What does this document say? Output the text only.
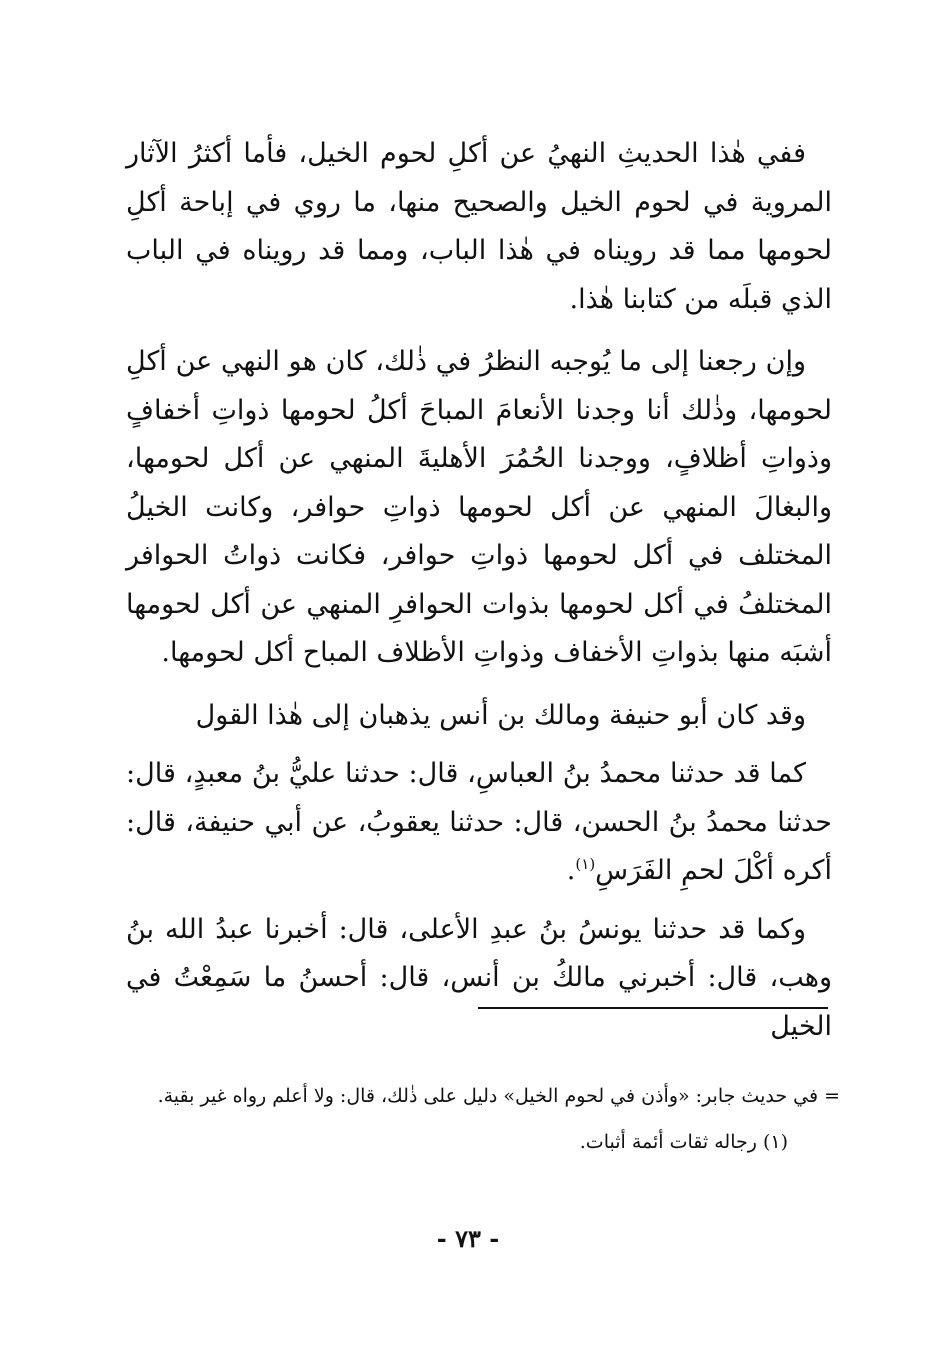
ففي هٰذا الحديثِ النهيُ عن أكلِ لحوم الخيل، فأما أكثرُ الآثار المروية في لحوم الخيل والصحيح منها، ما روي في إباحة أكلِ لحومها مما قد رويناه في هٰذا الباب، ومما قد رويناه في الباب الذي قبلَه من كتابنا هٰذا.

وإن رجعنا إلى ما يُوجبه النظرُ في ذٰلك، كان هو النهي عن أكلِ لحومها، وذٰلك أنا وجدنا الأنعامَ المباحَ أكلُ لحومها ذواتِ أخفافٍ وذواتِ أظلافٍ، ووجدنا الحُمُرَ الأهليةَ المنهي عن أكل لحومها، والبغالَ المنهي عن أكل لحومها ذواتِ حوافر، وكانت الخيلُ المختلف في أكل لحومها ذواتِ حوافر، فكانت ذواتُ الحوافر المختلفُ في أكل لحومها بذوات الحوافرِ المنهي عن أكل لحومها أشبَه منها بذواتِ الأخفاف وذواتِ الأظلاف المباح أكل لحومها.

وقد كان أبو حنيفة ومالك بن أنس يذهبان إلى هٰذا القول

كما قد حدثنا محمدُ بنُ العباسِ، قال: حدثنا عليُّ بنُ معبدٍ، قال: حدثنا محمدُ بنُ الحسن، قال: حدثنا يعقوبُ، عن أبي حنيفة، قال: أكره أكْلَ لحمِ الفَرَسِ$^{(١)}$.

وكما قد حدثنا يونسُ بنُ عبدِ الأعلى، قال: أخبرنا عبدُ الله بنُ وهب، قال: أخبرني مالكُ بن أنس، قال: أحسنُ ما سَمِعْتُ في الخيل

= في حديث جابر: «وأذن في لحوم الخيل» دليل على ذٰلك، قال: ولا أعلم رواه غير بقية.

(١) رجاله ثقات أئمة أثبات.

- ٧٣ -
